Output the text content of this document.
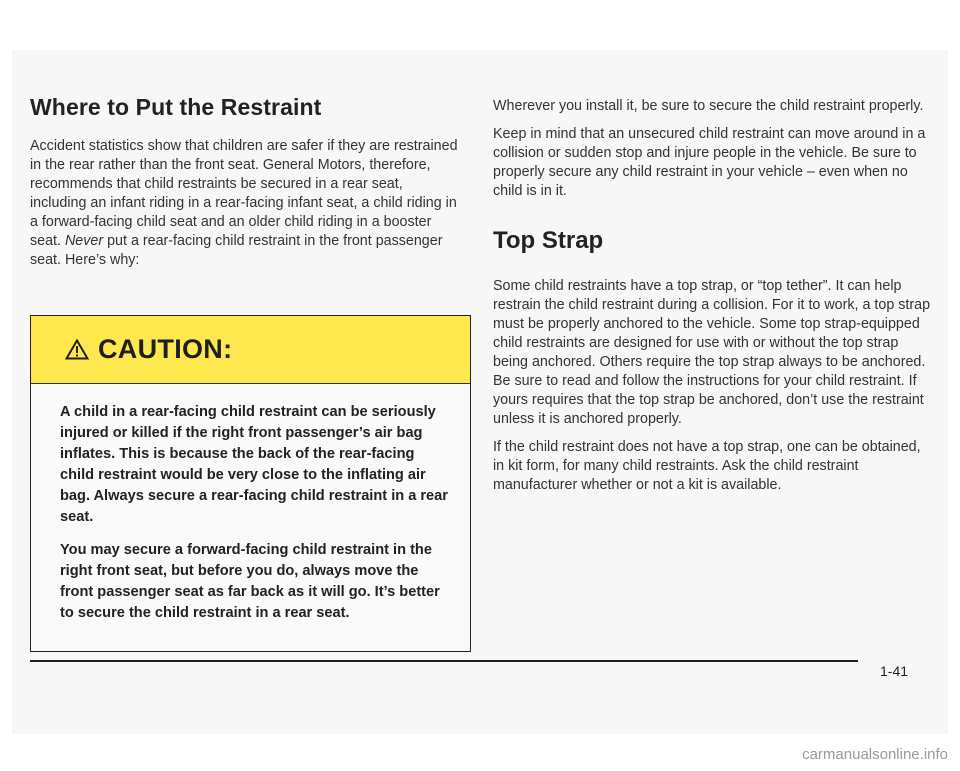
Where to Put the Restraint

Accident statistics show that children are safer if they are restrained in the rear rather than the front seat. General Motors, therefore, recommends that child restraints be secured in a rear seat, including an infant riding in a rear-facing infant seat, a child riding in a forward-facing child seat and an older child riding in a booster seat. Never put a rear-facing child restraint in the front passenger seat. Here’s why:

CAUTION:

A child in a rear-facing child restraint can be seriously injured or killed if the right front passenger’s air bag inflates. This is because the back of the rear-facing child restraint would be very close to the inflating air bag. Always secure a rear-facing child restraint in a rear seat.

You may secure a forward-facing child restraint in the right front seat, but before you do, always move the front passenger seat as far back as it will go. It’s better to secure the child restraint in a rear seat.

Wherever you install it, be sure to secure the child restraint properly.

Keep in mind that an unsecured child restraint can move around in a collision or sudden stop and injure people in the vehicle. Be sure to properly secure any child restraint in your vehicle – even when no child is in it.

Top Strap

Some child restraints have a top strap, or “top tether”. It can help restrain the child restraint during a collision. For it to work, a top strap must be properly anchored to the vehicle. Some top strap-equipped child restraints are designed for use with or without the top strap being anchored. Others require the top strap always to be anchored. Be sure to read and follow the instructions for your child restraint. If yours requires that the top strap be anchored, don’t use the restraint unless it is anchored properly.

If the child restraint does not have a top strap, one can be obtained, in kit form, for many child restraints. Ask the child restraint manufacturer whether or not a kit is available.

1-41
carmanualsonline.info
